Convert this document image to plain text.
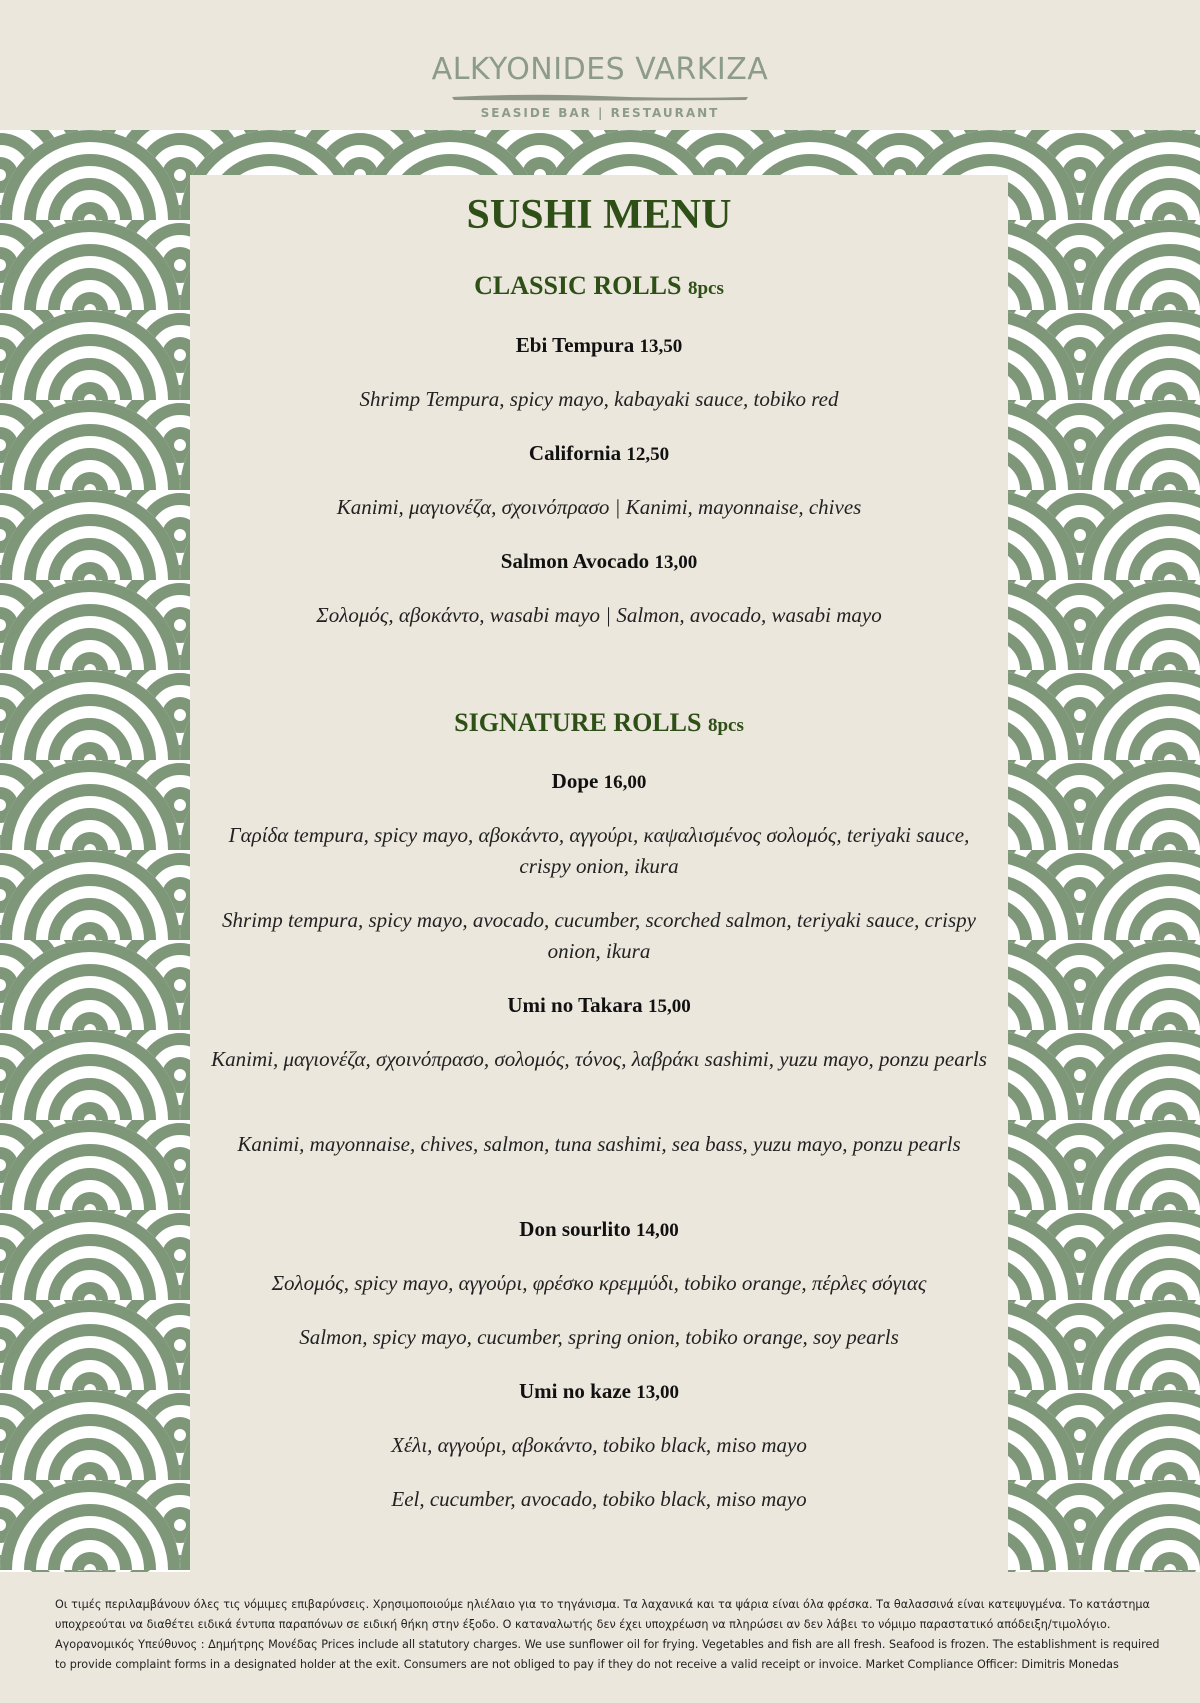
ALKYONIDES VARKIZA
SEASIDE BAR | RESTAURANT
SUSHI MENU
CLASSIC ROLLS 8pcs
Ebi Tempura 13,50
Shrimp Tempura, spicy mayo, kabayaki sauce, tobiko red
California 12,50
Kanimi, μαγιονέζα, σχοινόπρασο | Kanimi, mayonnaise, chives
Salmon Avocado 13,00
Σολομός, αβοκάντο, wasabi mayo | Salmon, avocado, wasabi mayo
SIGNATURE ROLLS 8pcs
Dope 16,00
Γαρίδα tempura, spicy mayo, αβοκάντο, αγγούρι, καψαλισμένος σολομός, teriyaki sauce, crispy onion, ikura
Shrimp tempura, spicy mayo, avocado, cucumber, scorched salmon, teriyaki sauce, crispy onion, ikura
Umi no Takara 15,00
Kanimi, μαγιονέζα, σχοινόπρασο, σολομός, τόνος, λαβράκι sashimi, yuzu mayo, ponzu pearls
Kanimi, mayonnaise, chives, salmon, tuna sashimi, sea bass, yuzu mayo, ponzu pearls
Don sourlito 14,00
Σολομός, spicy mayo, αγγούρι, φρέσκο κρεμμύδι, tobiko orange, πέρλες σόγιας
Salmon, spicy mayo, cucumber, spring onion, tobiko orange, soy pearls
Umi no kaze 13,00
Χέλι, αγγούρι, αβοκάντο, tobiko black, miso mayo
Eel, cucumber, avocado, tobiko black, miso mayo
Οι τιμές περιλαμβάνουν όλες τις νόμιμες επιβαρύνσεις. Χρησιμοποιούμε ηλιέλαιο για το τηγάνισμα. Τα λαχανικά και τα ψάρια είναι όλα φρέσκα. Τα θαλασσινά είναι κατεψυγμένα. Το κατάστημα υποχρεούται να διαθέτει ειδικά έντυπα παραπόνων σε ειδική θήκη στην έξοδο. Ο καταναλωτής δεν έχει υποχρέωση να πληρώσει αν δεν λάβει το νόμιμο παραστατικό απόδειξη/τιμολόγιο. Αγορανομικός Υπεύθυνος : Δημήτρης Μονέδας Prices include all statutory charges. We use sunflower oil for frying. Vegetables and fish are all fresh. Seafood is frozen. The establishment is required to provide complaint forms in a designated holder at the exit. Consumers are not obliged to pay if they do not receive a valid receipt or invoice. Market Compliance Officer: Dimitris Monedas
